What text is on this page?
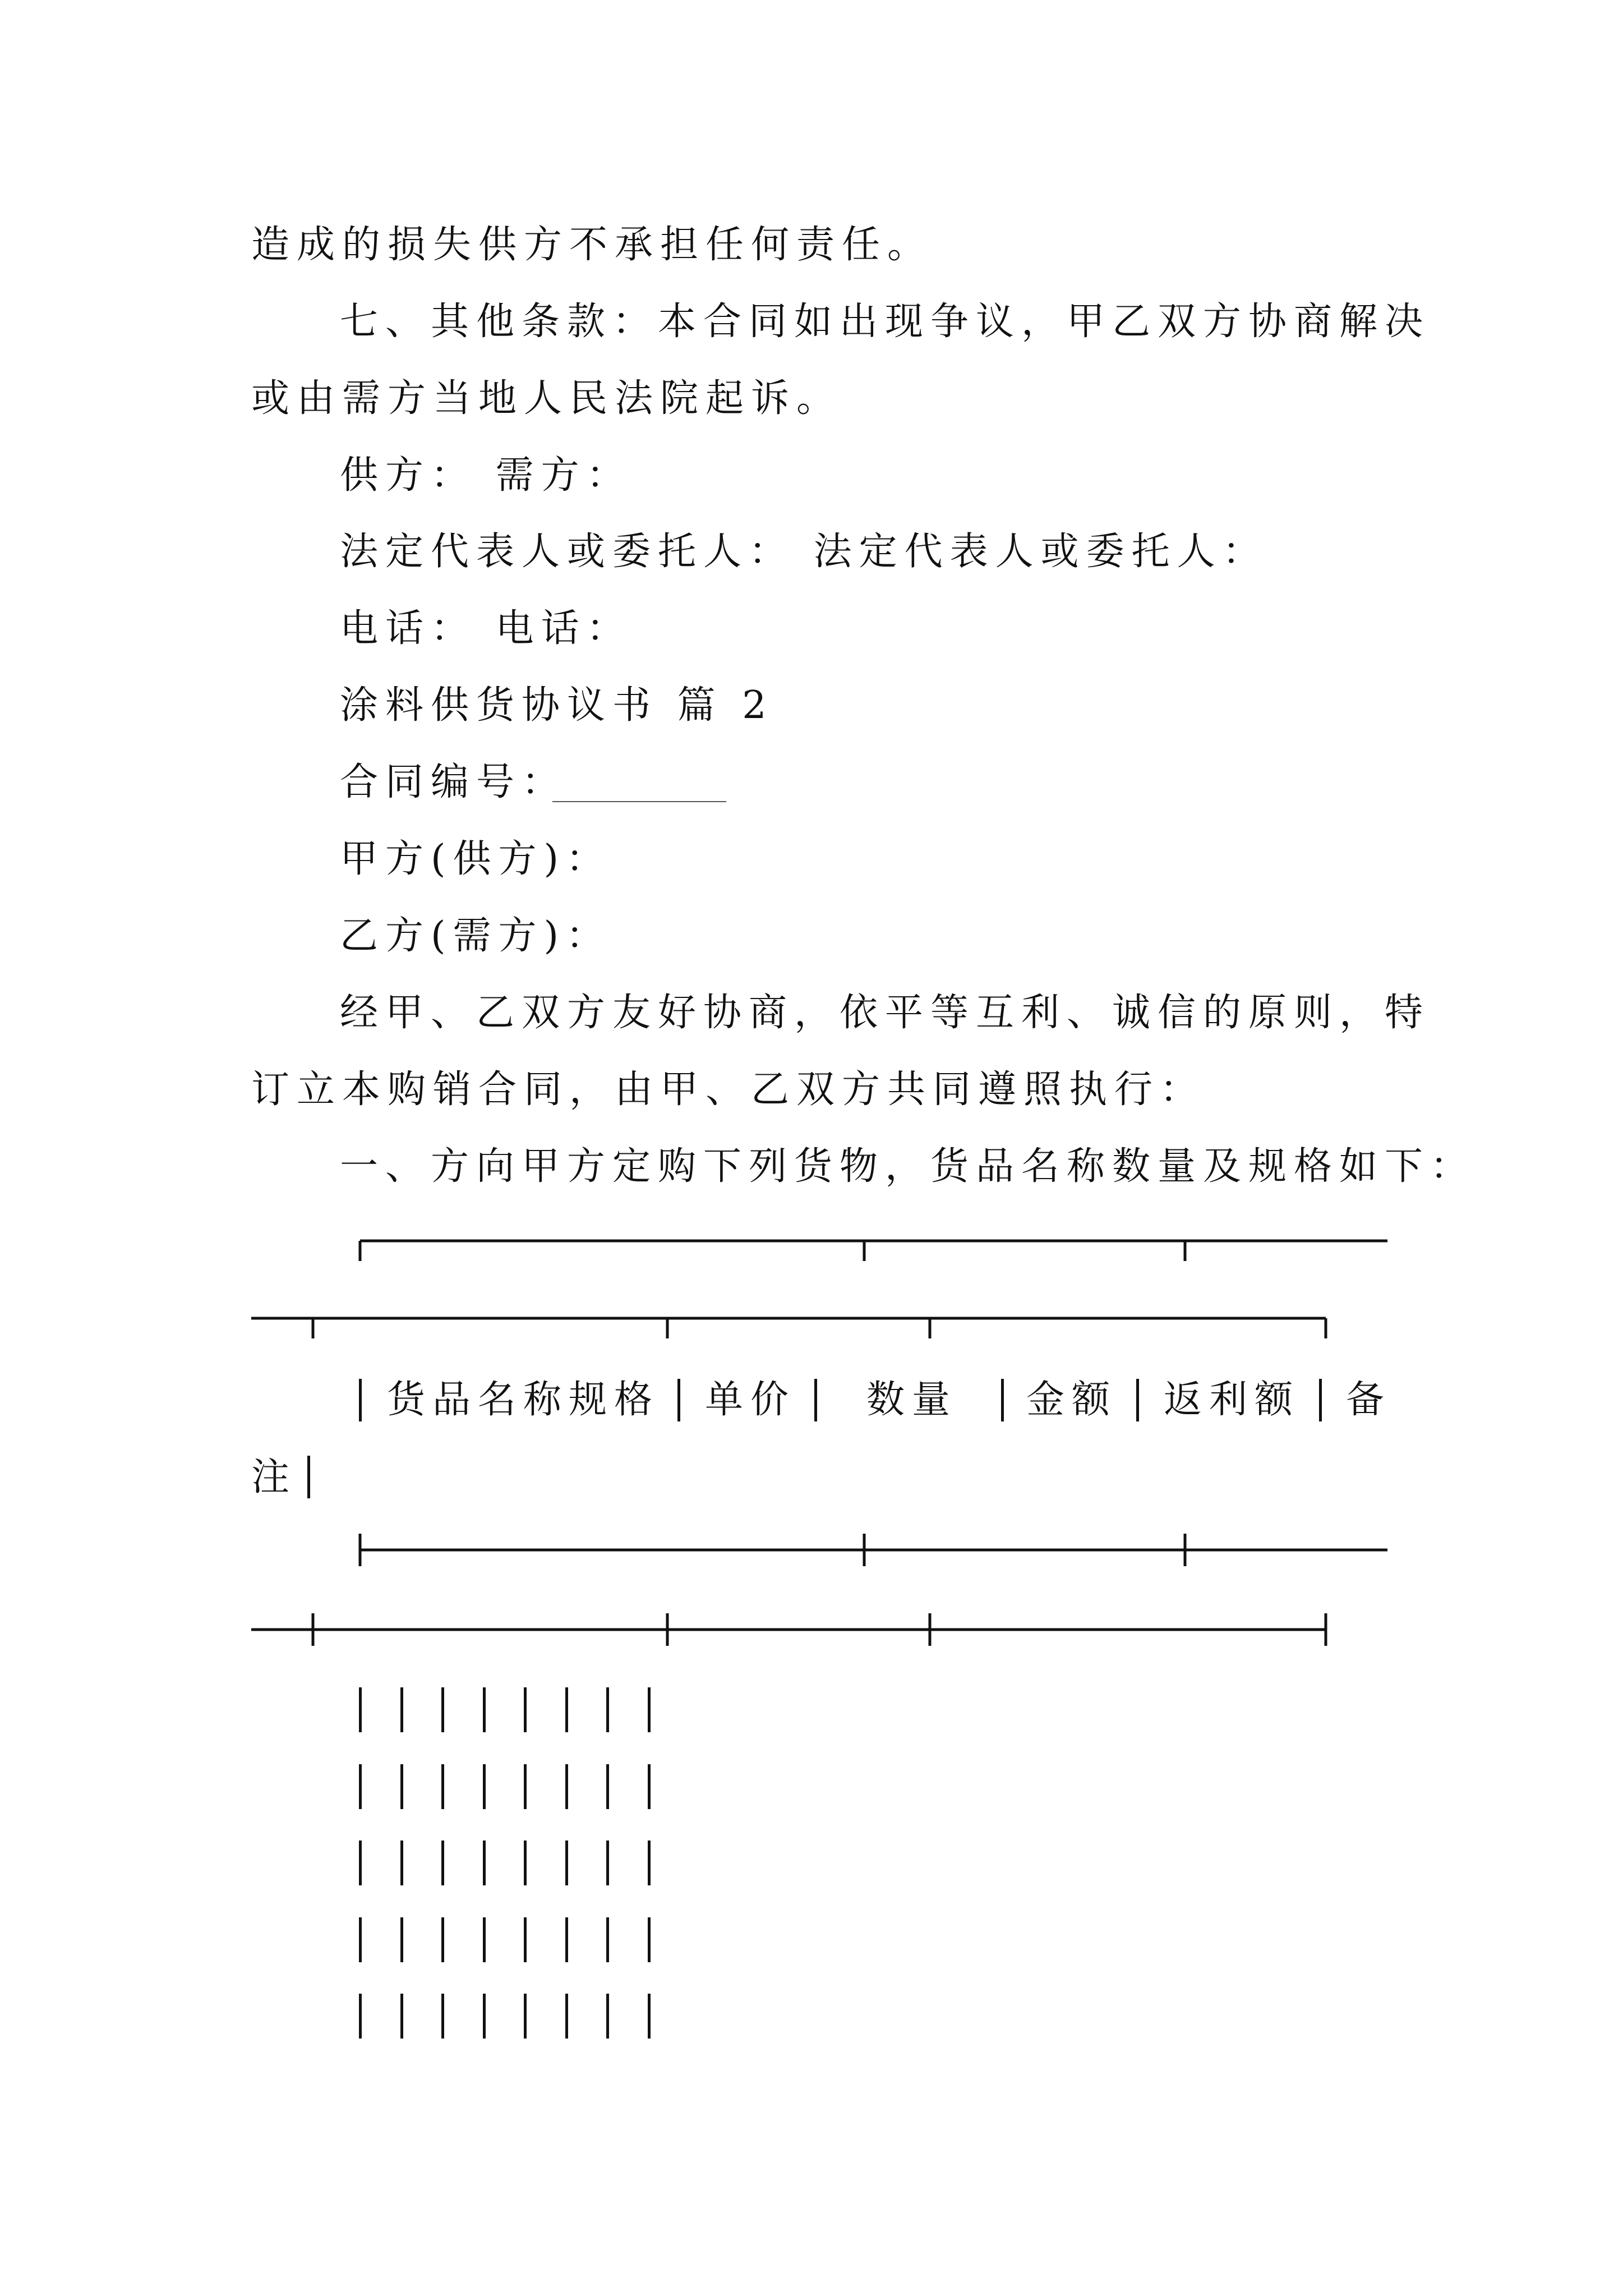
造成的损失供方不承担任何责任。

七、其他条款：本合同如出现争议，甲乙双方协商解决

或由需方当地人民法院起诉。

供方： 需方：

法定代表人或委托人： 法定代表人或委托人：

电话： 电话：

涂料供货协议书 篇 2

合同编号：

甲方(供方)：

乙方(需方)：

经甲、乙双方友好协商，依平等互利、诚信的原则，特

订立本购销合同，由甲、乙双方共同遵照执行：

一、方向甲方定购下列货物，货品名称数量及规格如下：

货品名称规格 单价 数量 金额 返利额 备
注
